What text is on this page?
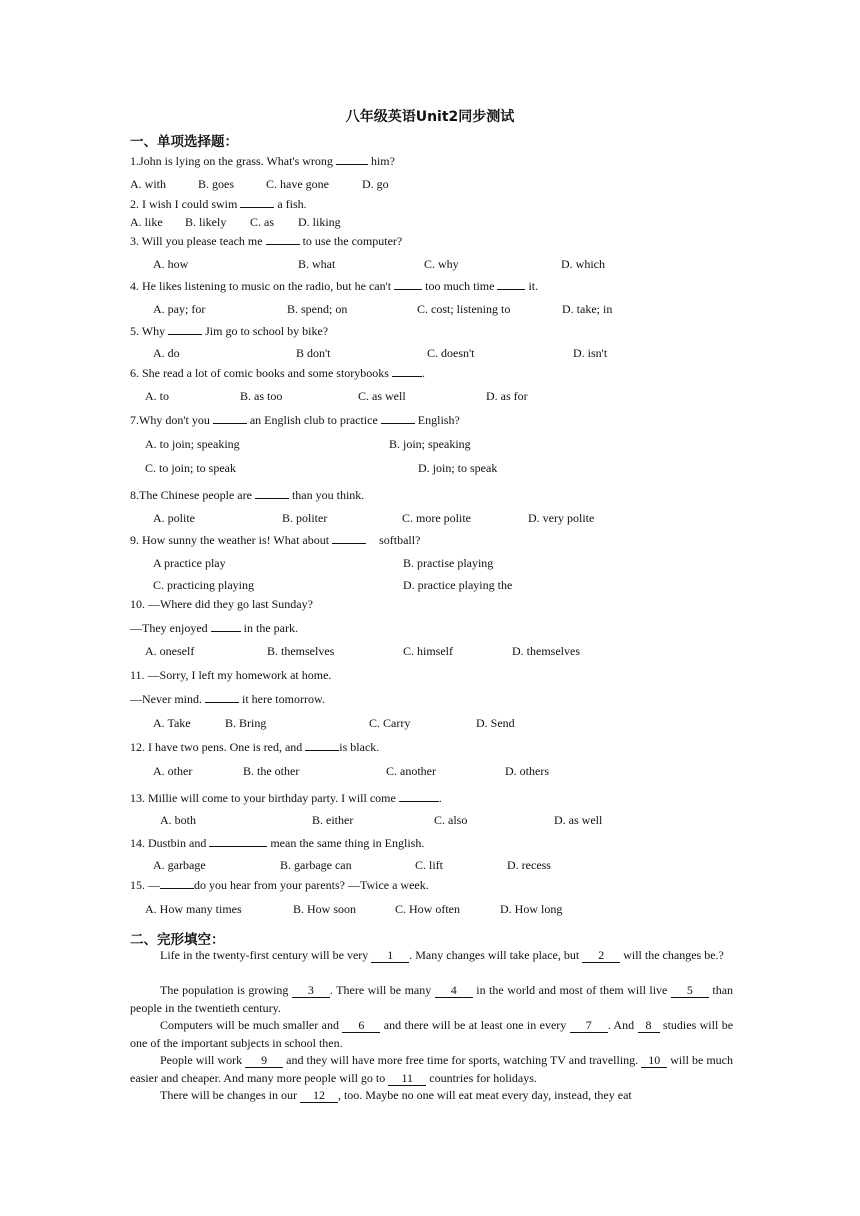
八年级英语Unit2同步测试
一、单项选择题：
1.John is lying on the grass. What's wrong	him?
A. with	B. goes	C. have gone	D. go
2. I wish I could swim	a fish.
A. like B. likely C. as D. liking
3. Will you please teach me	to use the computer?
A. how	B. what	C. why	D. which
4. He likes listening to music on the radio, but he can't	too much time	it.
A. pay; for	B. spend; on	C. cost; listening to	D. take; in
5. Why	Jim go to school by bike?
A. do	B don't	C. doesn't	D. isn't
6. She read a lot of comic books and some storybooks	.
A. to	B. as too	C. as well	D. as for
7.Why don't you	an English club to practice	English?
A. to join; speaking	B. join; speaking
C. to join; to speak	D. join; to speak
8.The Chinese people are	than you think.
A. polite	B. politer	C. more polite	D. very polite
9. How sunny the weather is! What about	softball?
A practice play	B. practise playing
C. practicing playing	D. practice playing the
10. —Where did they go last Sunday?
—They enjoyed	in the park.
A. oneself	B. themselves	C. himself	D. themselves
11. —Sorry, I left my homework at home.
—Never mind.	it here tomorrow.
A. Take	B. Bring	C. Carry	D. Send
12. I have two pens. One is red, and	is black.
A. other	B. the other	C. another	D. others
13. Millie will come to your birthday party. I will come	.
A. both	B. either	C. also	D. as well
14. Dustbin and	mean the same thing in English.
A. garbage	B. garbage can	C. lift	D. recess
15. —	do you hear from your parents? —Twice a week.
A. How many times	B. How soon	C. How often	D. How long
二、完形填空：
Life in the twenty-first century will be very 1 . Many changes will take place, but 2 will the changes be.?
The population is growing 3 . There will be many 4 in the world and most of them will live 5 than people in the twentieth century.
Computers will be much smaller and 6 and there will be at least one in every 7 . And 8 studies will be one of the important subjects in school then.
People will work 9 and they will have more free time for sports, watching TV and travelling. 10 will be much easier and cheaper. And many more people will go to 11 countries for holidays.
There will be changes in our 12 , too. Maybe no one will eat meat every day, instead, they eat
